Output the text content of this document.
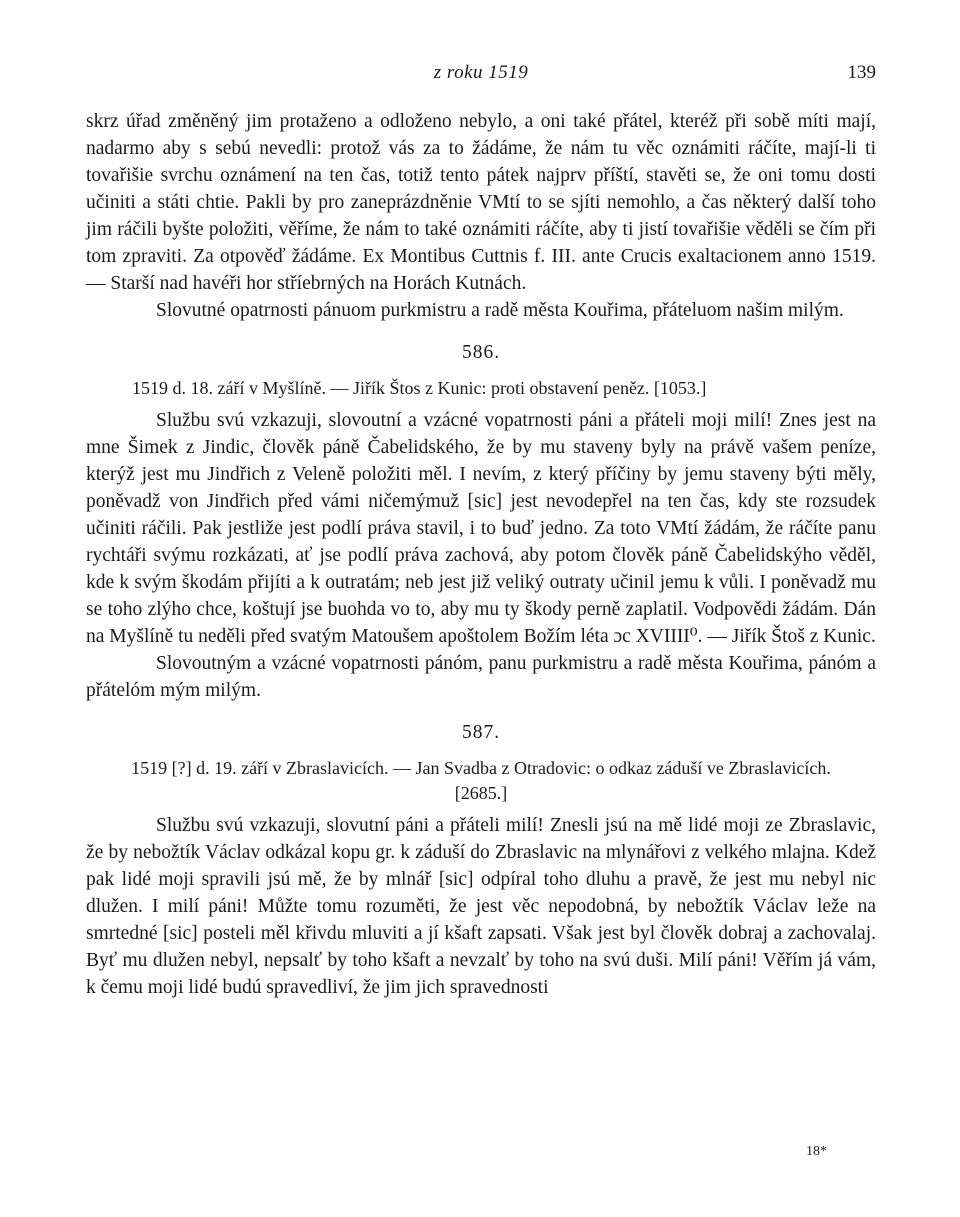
z roku 1519	139

skrz úřad změněný jim protaženo a odloženo nebylo, a oni také přátel, kteréž při sobě míti mají, nadarmo aby s sebú nevedli: protož vás za to žádáme, že nám tu věc oznámiti ráčíte, mají-li ti tovařišie svrchu oznámení na ten čas, totiž tento pátek najprv příští, stavěti se, že oni tomu dosti učiniti a státi chtie. Pakli by pro zaneprázdněnie VMtí to se sjíti nemohlo, a čas některý další toho jim ráčili byšte položiti, věříme, že nám to také oznámiti ráčíte, aby ti jistí tovařišie věděli se čím při tom zpraviti. Za otpověď žádáme. Ex Montibus Cuttnis f. III. ante Crucis exaltacionem anno 1519. — Starší nad havéři hor stříebrných na Horách Kutnách.

Slovutné opatrnosti pánuom purkmistru a radě města Kouřima, přáteluom našim milým.

586.
1519 d. 18. září v Myšlíně. — Jiřík Štos z Kunic: proti obstavení peněz. [1053.]

Službu svú vzkazuji, slovoutní a vzácné vopatrnosti páni a přáteli moji milí! Znes jest na mne Šimek z Jindic, člověk páně Čabelidského, že by mu staveny byly na právě vašem peníze, kterýž jest mu Jindřich z Veleně položiti měl. I nevím, z který příčiny by jemu staveny býti měly, poněvadž von Jindřich před vámi ničemýmuž [sic] jest nevodepřel na ten čas, kdy ste rozsudek učiniti ráčili. Pak jestliže jest podlí práva stavil, i to buď jedno. Za toto VMtí žádám, že ráčíte panu rychtáři svýmu rozkázati, ať jse podlí práva zachová, aby potom člověk páně Čabelidskýho věděl, kde k svým škodám přijíti a k outratám; neb jest již veliký outraty učinil jemu k vůli. I poněvadž mu se toho zlýho chce, koštují jse buohda vo to, aby mu ty škody perně zaplatil. Vodpovědi žádám. Dán na Myšlíně tu neděli před svatým Matoušem apoštolem Božím léta ɔc XVIIII⁰. — Jiřík Štoš z Kunic.

Slovoutným a vzácné vopatrnosti pánóm, panu purkmistru a radě města Kouřima, pánóm a přátelóm mým milým.

587.
1519 [?] d. 19. září v Zbraslavicích. — Jan Svadba z Otradovic: o odkaz záduší ve Zbraslavicích. [2685.]

Službu svú vzkazuji, slovutní páni a přáteli milí! Znesli jsú na mě lidé moji ze Zbraslavic, že by nebožtík Václav odkázal kopu gr. k záduší do Zbraslavic na mlynářovi z velkého mlajna. Kdež pak lidé moji spravili jsú mě, že by mlnář [sic] odpíral toho dluhu a pravě, že jest mu nebyl nic dlužen. I milí páni! Můžte tomu rozuměti, že jest věc nepodobná, by nebožtík Václav leže na smrtedné [sic] posteli měl křivdu mluviti a jí kšaft zapsati. Však jest byl člověk dobraj a zachovalaj. Byť mu dlužen nebyl, nepsalť by toho kšaft a nevzalť by toho na svú duši. Milí páni! Věřím já vám, k čemu moji lidé budú spravedliví, že jim jich spravednosti

18*
